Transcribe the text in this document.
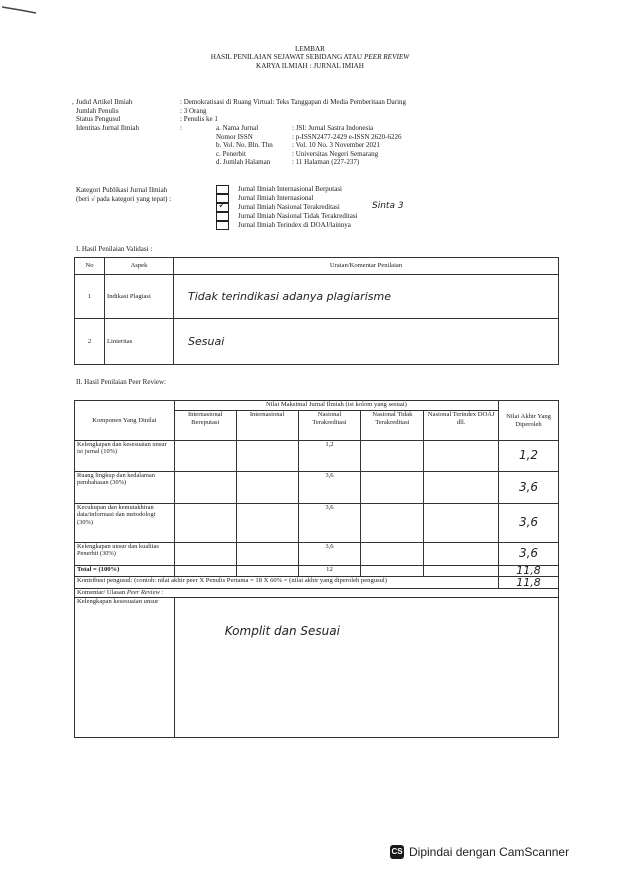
LEMBAR
HASIL PENILAIAN SEJAWAT SEBIDANG ATAU PEER REVIEW
KARYA ILMIAH : JURNAL IMIAH
, Judul Artikel Ilmiah	: Demokratisasi di Ruang Virtual: Teks Tanggapan di Media Pemberitaan Daring
Jumlah Penulis	: 3 Orang
Status Pengusul	: Penulis ke 1
Identitas Jurnal Ilmiah	:	a. Nama Jurnal	: JSI: Jurnal Sastra Indonesia
Nomor ISSN	: p-ISSN2477-2429 e-ISSN 2620-6226
b. Vol. No. Bln. Thn	: Vol. 10 No. 3 November 2021
c. Penerbit	: Universitas Negeri Semarang
d. Jumlah Halaman	: 11 Halaman (227-237)
Kategori Publikasi Jurnal Ilmiah
(beri √ pada kategori yang tepat) :
Jurnal Ilmiah Internasional Berputasi
Jurnal Ilmiah Internasional
✓ Jurnal Ilmiah Nasional Terakreditasi	Sinta 3
Jurnal Ilmiah Nasional Tidak Terakreditasi
Jurnal Ilmiah Terindex di DOAJ/lainnya
I. Hasil Penilaian Validasi :
No	Aspek	Uraian/Komentar Penilaian
1	Indikasi Plagiasi	Tidak terindikasi adanya plagiarisme
2	Linieritas	Sesuai
II. Hasil Penilaian Peer Review:
Komponen Yang Dinilai	Nilai Maksimal Jurnal Ilmiah (isi kolom yang sesuai)					Nilai Akhir Yang Diperoleh
	Internasional Bereputasi	Internasional	Nasional Terakreditasi	Nasional Tidak Terakreditasi	Nasional Terindex DOAJ dll.	
Kelengkapan dan kesesuaian unsur isi jurnal (10%)			1,2			1,2
Ruang lingkup dan kedalaman pembahasan (30%)			3,6			3,6
Kecukupan dan kemutakhiran data/informasi dan metodologi (30%)			3,6			3,6
Kelengkapan unsur dan kualitas Penerbit (30%)			3,6			3,6
Total = (100%)			12			11,8
Kontribusi pengusul: (contoh: nilai akhir peer X Penulis Pertama = 18 X 60% = (nilai akhir yang diperoleh pengusul)						11,8
Komentar/ Ulasan Peer Review :						
Kelengkapan kesesuaian unsur	Komplit dan Sesuai					
CS Dipindai dengan CamScanner
